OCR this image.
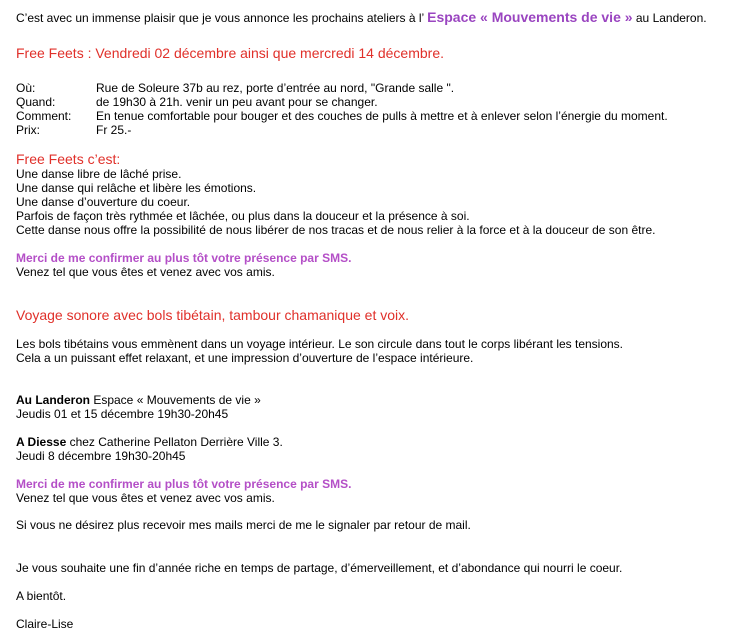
C’est avec un immense plaisir que je vous annonce les prochains ateliers à l’ Espace « Mouvements de vie » au Landeron.
Free Feets : Vendredi 02 décembre ainsi que mercredi 14 décembre.
Où:	Rue de Soleure 37b au rez, porte d’entrée au nord, "Grande salle ".
Quand:	de 19h30 à 21h. venir un peu avant pour se changer.
Comment: En tenue comfortable pour bouger et des couches de pulls à mettre et à enlever selon l’énergie du moment.
Prix:	Fr 25.-
Free Feets c’est:
Une danse libre de lâché prise.
Une danse qui relâche et libère les émotions.
Une danse d’ouverture du coeur.
Parfois de façon très rythmée et lâchée, ou plus dans la douceur et la présence à soi.
Cette danse nous offre la possibilité de nous libérer de nos tracas et de nous relier à la force et à la douceur de son être.
Merci de me confirmer au plus tôt votre présence par SMS.
Venez tel que vous êtes et venez avec vos amis.
Voyage sonore avec bols tibétain, tambour chamanique et voix.
Les bols tibétains vous emmènent dans un voyage intérieur. Le son circule dans tout le corps libérant les tensions.
Cela a un puissant effet relaxant, et une impression d’ouverture de l’espace intérieure.
Au Landeron Espace « Mouvements de vie »
Jeudis 01 et 15 décembre 19h30-20h45
A Diesse chez Catherine Pellaton Derrière Ville 3.
Jeudi 8 décembre 19h30-20h45
Merci de me confirmer au plus tôt votre présence par SMS.
Venez tel que vous êtes et venez avec vos amis.
Si vous ne désirez plus recevoir mes mails merci de me le signaler par retour de mail.
Je vous souhaite une fin d’année riche en temps de partage, d’émerveillement, et d’abondance qui nourri le coeur.
A bientôt.
Claire-Lise
